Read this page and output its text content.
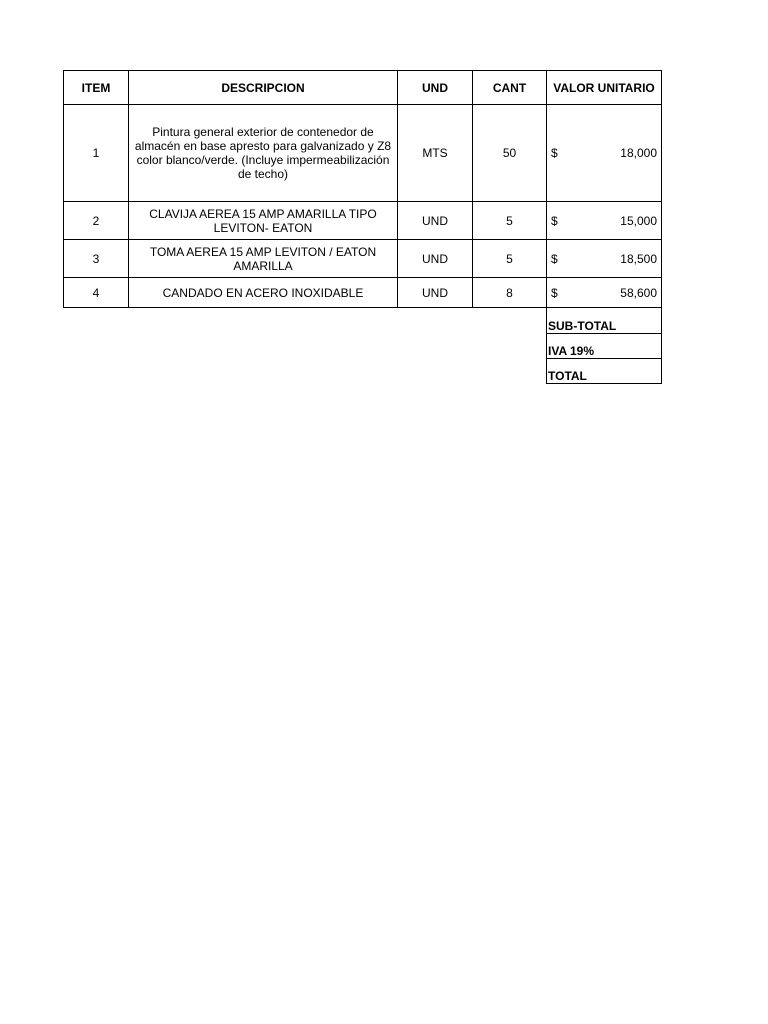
ITEM	DESCRIPCION	UND	CANT	VALOR UNITARIO
1	Pintura general exterior de contenedor de almacén en base apresto para galvanizado y Z8 color blanco/verde. (Incluye impermeabilización de techo)	MTS	50	$ 18,000

2	CLAVIJA AEREA 15 AMP AMARILLA TIPO LEVITON- EATON	UND	5	$ 15,000

3	TOMA AEREA 15 AMP LEVITON / EATON AMARILLA	UND	5	$ 18,500

4	CANDADO EN ACERO INOXIDABLE	UND	8	$ 58,600

				SUB-TOTAL
				IVA 19%
				TOTAL
